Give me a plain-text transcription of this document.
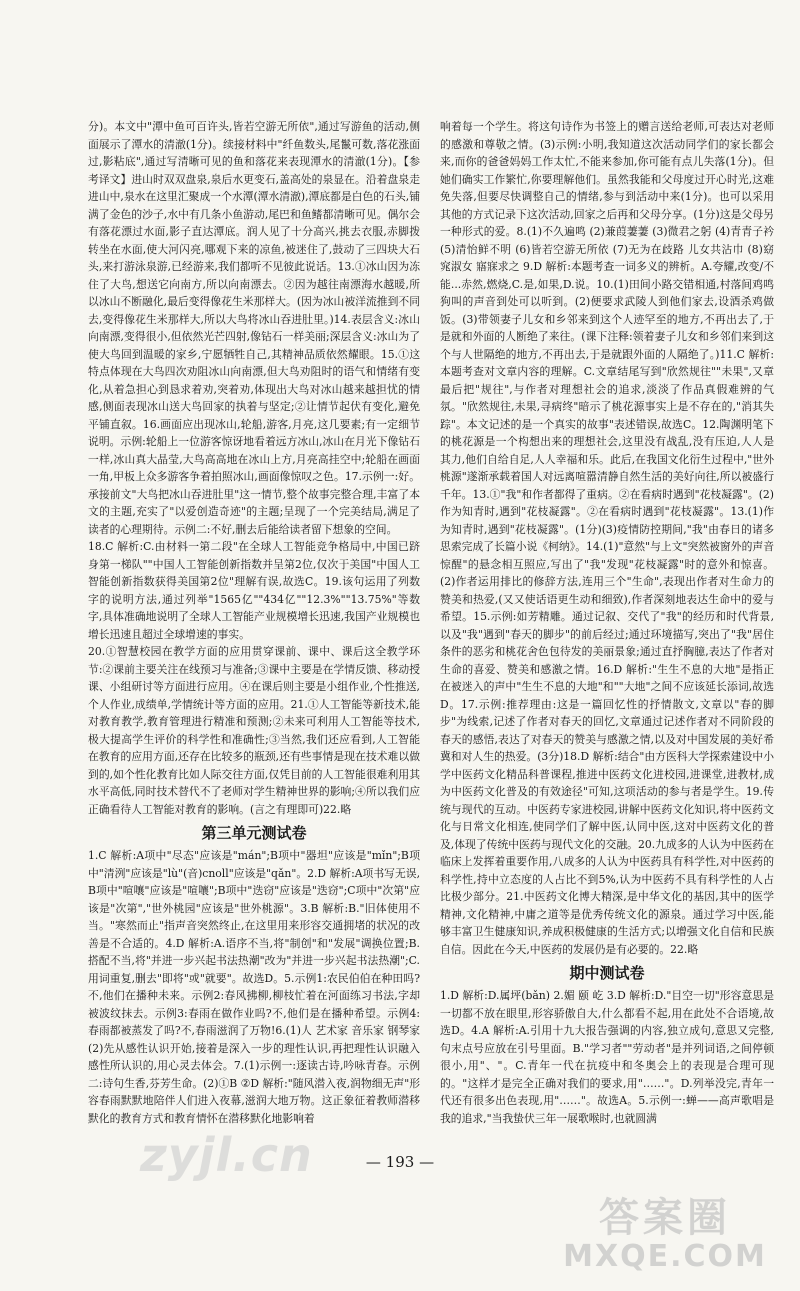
分)。本文中"潭中鱼可百许头,皆若空游无所依",通过写游鱼的活动,侧面展示了潭水的清澈(1分)。续接材料中"纤鱼数头,尾鬣可数,落花涨面过,影粘底",通过写清晰可见的鱼和落花来表现潭水的清澈(1分)。【参考译文】进山时双双盘泉,泉后水更变石,盖高处的泉显在。沿着盘泉走进山中,泉水在这里汇聚成一个水潭(潭水清澈),潭底都是白色的石头,铺满了金色的沙子,水中有几条小鱼游动,尾巴和鱼鳍都清晰可见。偶尔会有落花漂过水面,影子直达潭底。润人见了十分高兴,挑去衣服,赤脚拨转坐在水面,使大河闪亮,哪观下来的凉鱼,被迷住了,鼓动了三四块大石头,来打游泳泉游,已经游来,我们都听不见彼此说话。13.①冰山因为冻住了大鸟,想送它向南方,所以向南漂去。②因为越往南漂海水越暖,所以冰山不断融化,最后变得像花生米那样大。(因为冰山被洋流推到不同去,变得像花生米那样大,所以大鸟将冰山吞进肚里。)14.表层含义:冰山向南漂,变得很小,但依然光芒四射,像钻石一样美丽;深层含义:冰山为了使大鸟回到温暖的家乡,宁愿牺牲自己,其精神品质依然耀眼。15.①这特点体现在大鸟四次劝阻冰山向南漂,但大鸟劝阻时的语气和情绪有变化,从着急担心到恳求着劝,突着劝,体现出大鸟对冰山越来越担忧的情感,侧面表现冰山送大鸟回家的执着与坚定;②让情节起伏有变化,避免平铺直叙。16.画面应出现冰山,轮船,游客,月亮,这几要素;有一定细节说明。示例:轮船上一位游客惊讶地看着远方冰山,冰山在月光下像钻石一样,冰山真大晶莹,大鸟高高地在冰山上方,月亮高挂空中;轮船在画面一角,甲板上众多游客争着拍照冰山,画面像惊叹之色。17.示例一:好。承接前文"大鸟把冰山吞进肚里"这一情节,整个故事完整合理,丰富了本文的主题,充实了"以爱创造奇迹"的主题;呈现了一个完美结局,满足了读者的心理期待。示例二:不好,删去后能给读者留下想象的空间。

18.C 解析:C.由材料一第二段"在全球人工智能竞争格局中,中国已跻身第一梯队""中国人工智能创新指数并呈第2位,仅次于美国"中国人工智能创新指数获得美国第2位"理解有误,故选C。19.该句运用了列数字的说明方法,通过列举"1565亿""434亿""12.3%""13.75%"等数字,具体准确地说明了全球人工智能产业规模增长迅速,我国产业规模也增长迅速且超过全球增速的事实。

20.①智慧校园在教学方面的应用贯穿课前、课中、课后这全教学环节:②课前主要关注在线预习与准备;③课中主要是在学情反馈、移动授课、小组研讨等方面进行应用。④在课后则主要是小组作业,个性推送,个人作业,成绩单,学情统计等方面的应用。21.①人工智能等新技术,能对教育教学,教育管理进行精准和预测;②未来可利用人工智能等技术,极大提高学生评价的科学性和准确性;③当然,我们还应看到,人工智能在教育的应用方面,还存在比较多的瓶颈,还有些事情是现在技术难以做到的,如个性化教育比如人际交往方面,仅凭目前的人工智能很难利用其水平高低,同时技术替代不了老师对学生精神世界的影响;④所以我们应正确看待人工智能对教育的影响。(言之有理即可)22.略

第三单元测试卷

1.C 解析:A项中"尽态"应该是"mán";B项中"器坦"应该是"mǐn";B项中"清洌"应该是"lù"(音)cnoll"应该是"qǎn"。2.D 解析:A项书写无误,B项中"喧嚷"应该是"喧嚷";B项中"迭窃"应该是"迭窃";C项中"次第"应该是"次第","世外桃园"应该是"世外桃源"。3.B 解析:B."旧体使用不当。"寒然而止"指声音突然终止,在这里用来形容交通拥堵的状况的改善是不合适的。4.D 解析:A.语序不当,将"制创"和"发展"调换位置;B.搭配不当,将"并进一步兴起书法热潮"改为"并进一步兴起书法热潮";C.用词重复,删去"即将"或"就要"。故选D。5.示例1:农民伯伯在种田吗?不,他们在播种未来。示例2:春风拂柳,柳枝忙着在河面练习书法,字却被波纹抹去。示例3:春雨在做作业吗?不,他们是在播种希望。示例4:春雨都被蒸发了吗?不,春雨滋润了万物!6.(1)人 艺术家 音乐家 钢琴家 (2)先从感性认识开始,接着是深入一步的理性认识,再把理性认识融入感性所认识的,用心灵去体会。7.(1)示例一:逐读古诗,吟咏青春。示例二:诗句生香,芬芳生命。(2)①B ②D 解析:"随风潜入夜,润物细无声"形容春雨默默地陪伴人们进入夜幕,滋润大地万物。这正象征着教师潜移默化的教育方式和教育情怀在潜移默化地影响着

响着每一个学生。将这句诗作为书签上的赠言送给老师,可表达对老师的感激和尊敬之情。(3)示例:小明,我知道这次活动同学们的家长都会来,而你的爸爸妈妈工作太忙,不能来参加,你可能有点儿失落(1分)。但她们确实工作繁忙,你要理解他们。虽然我能和父母度过开心时光,这难免失落,但要尽快调整自己的情绪,参与到活动中来(1分)。也可以采用其他的方式记录下这次活动,回家之后再和父母分享。(1分)这是父母另一种形式的爱。8.(1)不久遍鸣 (2)兼葭萋萋 (3)微君之躬 (4)青青子衿 (5)清怡鲜不明 (6)皆若空游无所依 (7)无为在歧路 儿女共沾巾 (8)窈窕淑女 寤寐求之 9.D 解析:本题考查一词多义的辨析。A.夸耀,改变/不能...赤然,燃烧,C.是,如果,D.说。10.(1)田间小路交错相通,村落间鸡鸣狗叫的声音到处可以听到。(2)便要求武陵人到他们家去,设酒杀鸡做饭。(3)带领妻子儿女和乡邻来到这个人迹罕至的地方,不再出去了,于是就和外面的人断绝了来往。(课下注释:领着妻子儿女和乡邻们来到这个与人世隔绝的地方,不再出去,于是就跟外面的人隔绝了。)11.C 解析:本题考查对文章内容的理解。C.文章结尾写到"欣然规往""未果",又章最后把"规往",与作者对理想社会的追求,淡淡了作品真假难辨的气氛。"欣然规往,未果,寻病终"暗示了桃花源事实上是不存在的,"消其失踪"。本文记述的是一个真实的故事"表述错误,故选C。12.陶渊明笔下的桃花源是一个构想出来的理想社会,这里没有战乱,没有压迫,人人是其力,他们自给自足,人人幸福和乐。此后,在我国文化衍生过程中,"世外桃源"遂渐承载着国人对远离喧嚣清静自然生活的美好向往,所以被盛行千年。13.①"我"和作者都得了重病。②在看病时遇到"花枝凝露"。(2)作为知青时,遇到"花枝凝露"。②在看病时遇到"花枝凝露"。13.(1)作为知青时,遇到"花枝凝露"。(1分)(3)疫情防控期间,"我"由春日的诸多思索完成了长篇小说《柯纳》。14.(1)"意然"与上文"突然被窗外的声音惊醒"的悬念相互照应,写出了"我"发现"花枝凝露"时的意外和惊喜。(2)作者运用排比的修辞方法,连用三个"生命",表现出作者对生命力的赞美和热爱,(又又使话语更生动和细致),作者深刻地表达生命中的爱与希望。15.示例:如芳精雕。通过记叙、交代了"我"的经历和时代背景,以及"我"遇到"春天的脚步"的前后经过;通过环境描写,突出了"我"居住条件的恶劣和桃花舍色包待发的美丽景象;通过直抒胸臆,表达了作者对生命的喜爱、赞美和感激之情。16.D 解析:"生生不息的大地"是指正在被迷入的声中"生生不息的大地"和""大地"之间不应该延长添词,故选D。17.示例:推荐理由:这是一篇回忆性的抒情散文,文章以"春的脚步"为线索,记述了作者对春天的回忆,文章通过记述作者对不同阶段的春天的感悟,表达了对春天的赞美与感激之情,以及对中国发展的美好希冀和对人生的热爱。(3分)18.D 解析:结合"由方医科大学探索建设中小学中医药文化精品科普课程,推进中医药文化进校园,进课堂,进教材,成为中医药文化普及的有效途径"可知,这项活动的参与者是学生。19.传统与现代的互动。中医药专家进校园,讲解中医药文化知识,将中医药文化与日常文化相连,使同学们了解中医,认同中医,这对中医药文化的普及,体现了传统中医药与现代文化的交融。20.九成多的人认为中医药在临床上发挥着重要作用,八成多的人认为中医药具有科学性,对中医药的科学性,持中立态度的人占比不到5%,认为中医药不具有科学性的人占比极少部分。21.中医药文化博大精深,是中华文化的基因,其中的医学精神,文化精神,中庸之道等是优秀传统文化的源泉。通过学习中医,能够丰富卫生健康知识,养成积极健康的生活方式;以增强文化自信和民族自信。因此在今天,中医药的发展仍是有必要的。22.略

期中测试卷

1.D 解析:D.属坪(bǎn) 2.媚 颐 屹 3.D 解析:D."目空一切"形容意思是一切都不放在眼里,形容骄傲自大,什么都看不起,用在此处不合语境,故选D。4.A 解析:A.引用十九大报告强调的内容,独立成句,意思又完整,句末点号应放在引号里面。B."学习者""劳动者"是并列词语,之间停顿很小,用"、"。C.青年一代在抗疫中和冬奥会上的表现是合理可现的。"这样才是完全正确对我们的要求,用"……"。D.列举没完,青年一代还有很多出色表现,用"……"。故选A。5.示例一:蝉——高声歌唱是我的追求,"当我蛰伏三年一展歌喉时,也就圆满

— 193 —
zyjl.cn
答案圈
MXQE.COM
